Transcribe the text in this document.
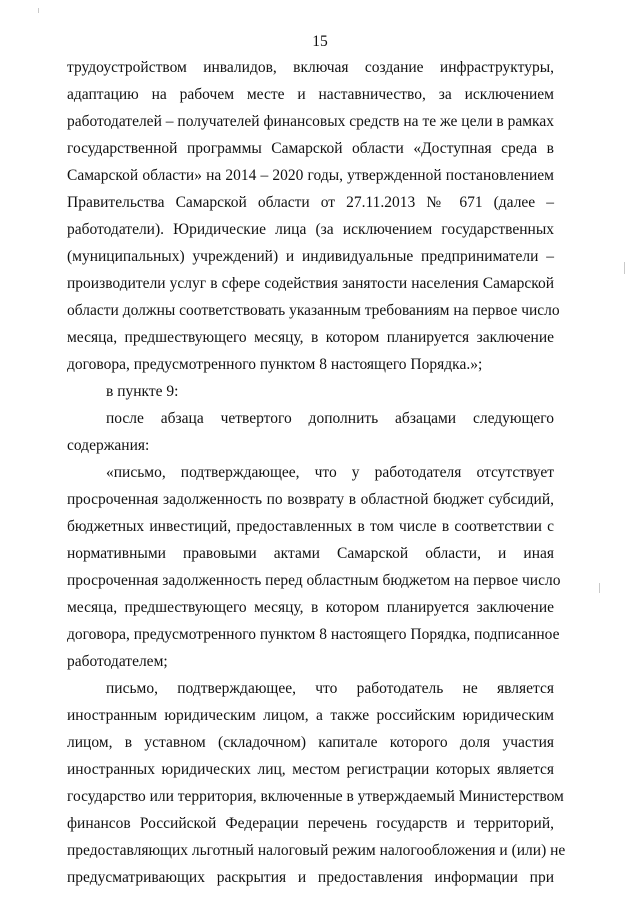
15
трудоустройством инвалидов, включая создание инфраструктуры,
адаптацию на рабочем месте и наставничество, за исключением
работодателей – получателей финансовых средств на те же цели в рамках
государственной программы Самарской области «Доступная среда в
Самарской области» на 2014 – 2020 годы, утвержденной постановлением
Правительства Самарской области от 27.11.2013 № 671 (далее –
работодатели). Юридические лица (за исключением государственных
(муниципальных) учреждений) и индивидуальные предприниматели –
производители услуг в сфере содействия занятости населения Самарской
области должны соответствовать указанным требованиям на первое число
месяца, предшествующего месяцу, в котором планируется заключение
договора, предусмотренного пунктом 8 настоящего Порядка.»;
в пункте 9:
после абзаца четвертого дополнить абзацами следующего
содержания:
«письмо, подтверждающее, что у работодателя отсутствует
просроченная задолженность по возврату в областной бюджет субсидий,
бюджетных инвестиций, предоставленных в том числе в соответствии с
нормативными правовыми актами Самарской области, и иная
просроченная задолженность перед областным бюджетом на первое число
месяца, предшествующего месяцу, в котором планируется заключение
договора, предусмотренного пунктом 8 настоящего Порядка, подписанное
работодателем;
письмо, подтверждающее, что работодатель не является
иностранным юридическим лицом, а также российским юридическим
лицом, в уставном (складочном) капитале которого доля участия
иностранных юридических лиц, местом регистрации которых является
государство или территория, включенные в утверждаемый Министерством
финансов Российской Федерации перечень государств и территорий,
предоставляющих льготный налоговый режим налогообложения и (или) не
предусматривающих раскрытия и предоставления информации при
